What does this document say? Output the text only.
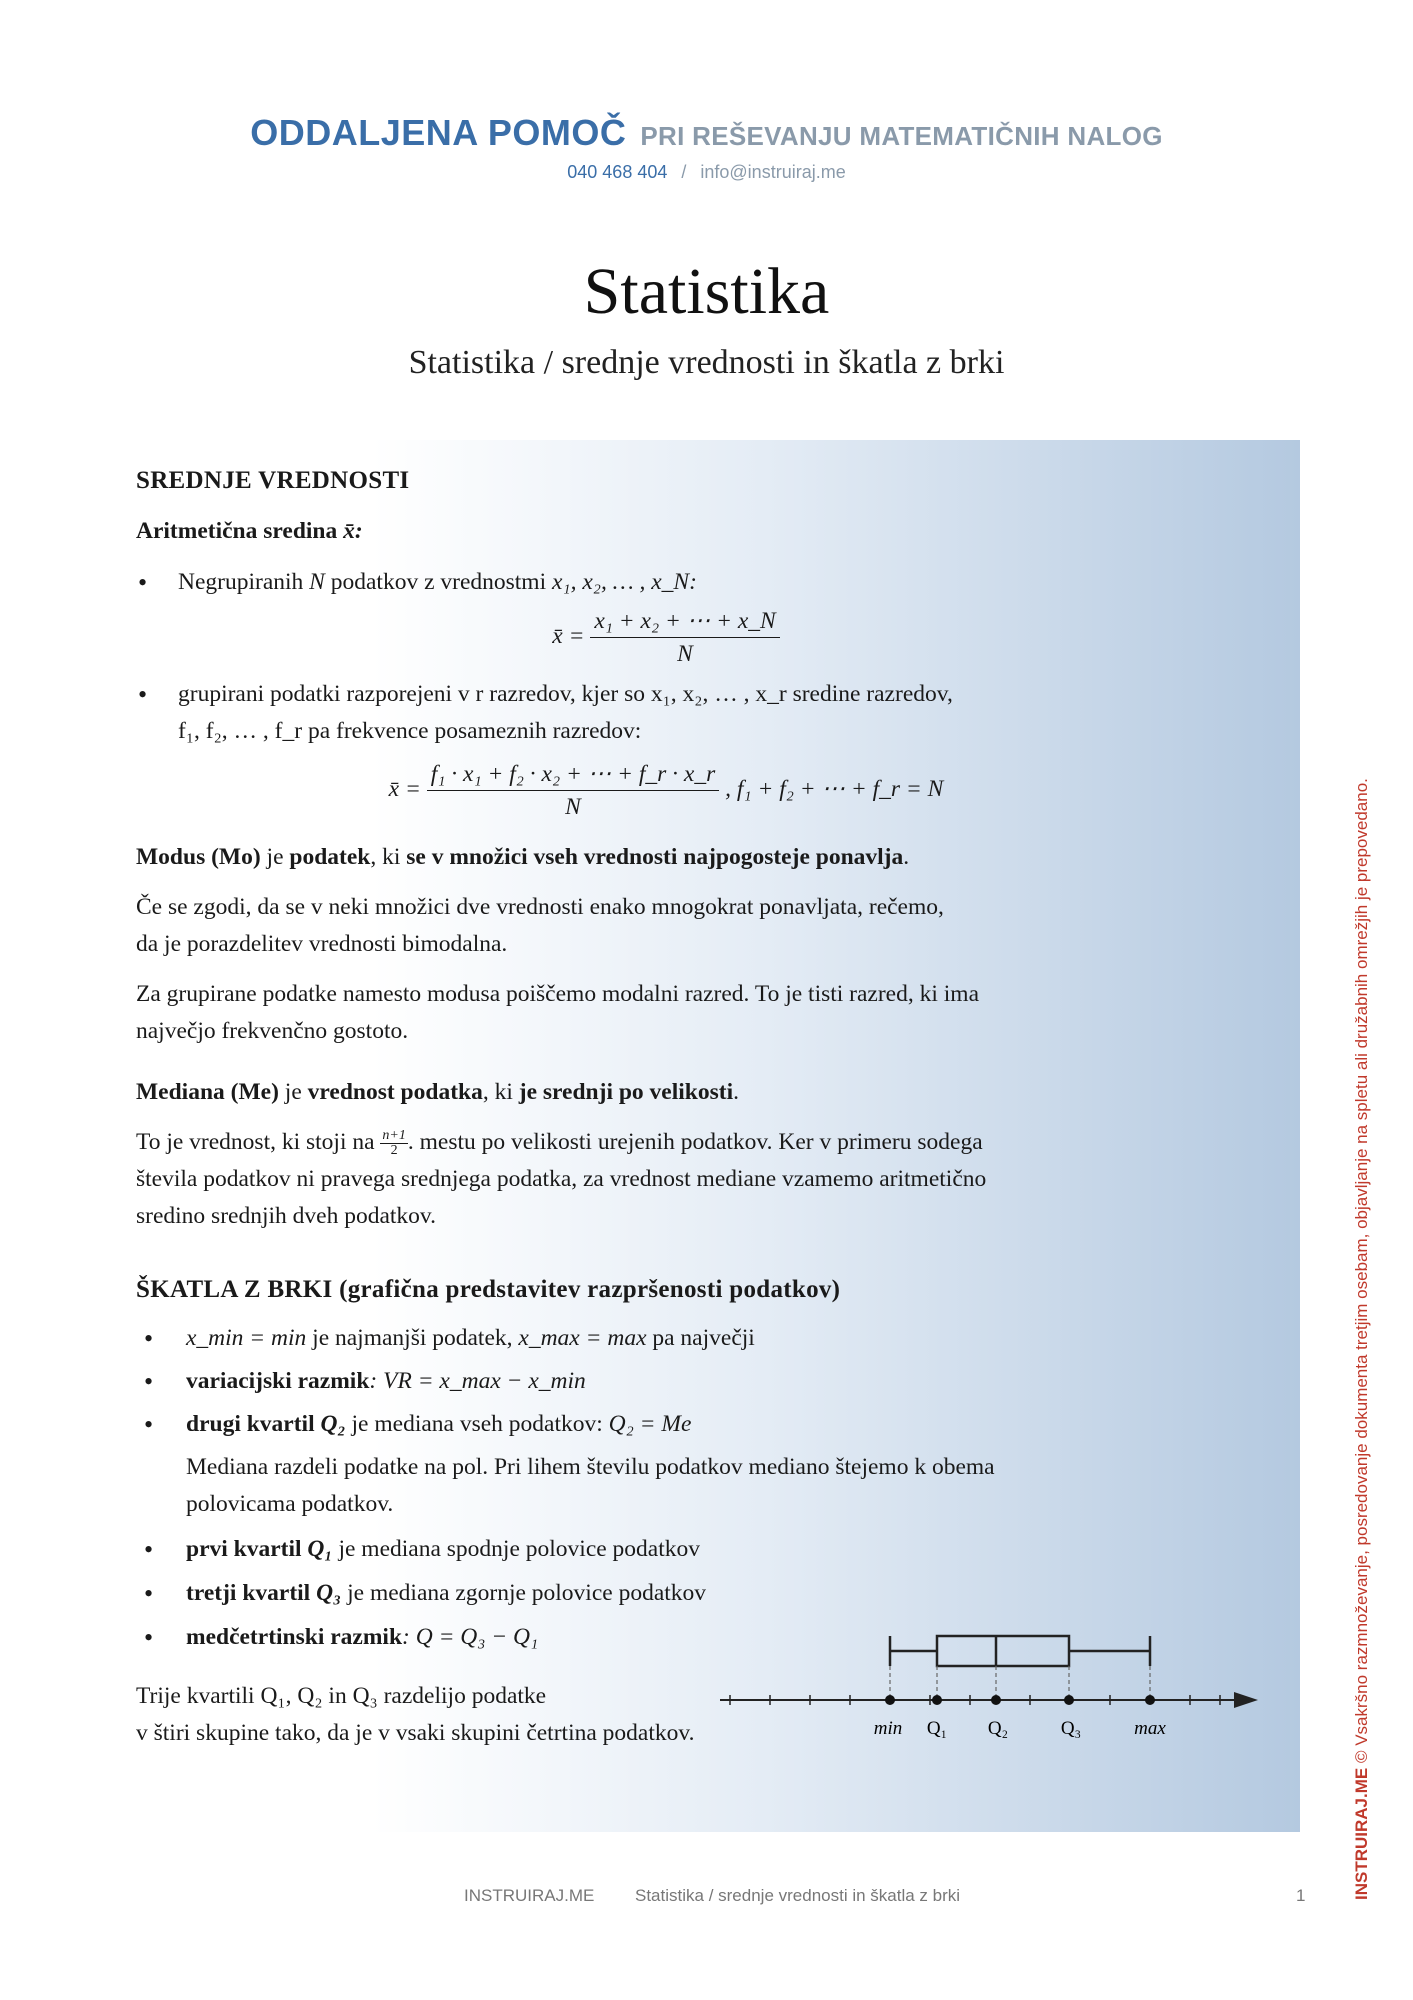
ODDALJENA POMOČ PRI REŠEVANJU MATEMATIČNIH NALOG
040 468 404 / info@instruiraj.me
Statistika
Statistika / srednje vrednosti in škatla z brki

SREDNJE VREDNOSTI

Aritmetična sredina x̄:

• Negrupiranih N podatkov z vrednostmi x₁, x₂, … , x_N:

x̄ = $\frac{\text{x₁ + x₂ + ⋯ + x\_N}}{N}$

• grupirani podatki razporejeni v r razredov, kjer so x₁, x₂, … , x_r sredine razredov,
f₁, f₂, … , f_r pa frekvence posameznih razredov:

x̄ = $\frac{\text{f₁ · x₁ + f₂ · x₂ + ⋯ + f\_r · x\_r}}{N}$ , f₁ + f₂ + ⋯ + f_r = N

Modus (Mo) je podatek, ki se v množici vseh vrednosti najpogosteje ponavlja.

Če se zgodi, da se v neki množici dve vrednosti enako mnogokrat ponavljata, rečemo,
da je porazdelitev vrednosti bimodalna.

Za grupirane podatke namesto modusa poiščemo modalni razred. To je tisti razred, ki ima
največjo frekvenčno gostoto.

Mediana (Me) je vrednost podatka, ki je srednji po velikosti.

To je vrednost, ki stoji na $\frac{n+1}{2}$ . mestu po velikosti urejenih podatkov. Ker v primeru sodega
števila podatkov ni pravega srednjega podatka, za vrednost mediane vzamemo aritmetično
sredino srednjih dveh podatkov.

ŠKATLA Z BRKI (grafična predstavitev razpršenosti podatkov)

• x_min = min je najmanjši podatek, x_max = max pa največji

• variacijski razmik: VR = x_max − x_min

• drugi kvartil Q₂ je mediana vseh podatkov: Q₂ = Me

Mediana razdeli podatke na pol. Pri lihem številu podatkov mediano štejemo k obema
polovicama podatkov.

• prvi kvartil Q₁ je mediana spodnje polovice podatkov

• tretji kvartil Q₃ je mediana zgornje polovice podatkov

• medčetrtinski razmik: Q = Q₃ − Q₁

Trije kvartili Q₁, Q₂ in Q₃ razdelijo podatke
v štiri skupine tako, da je v vsaki skupini četrtina podatkov.	min Q₁ Q₂	Q₃	max
INSTRUIRAJ.ME Statistika / srednje vrednosti in škatla z brki	1	INSTRUIRAJ.ME © Vsakršno razmnoževanje, posredovanje dokumenta tretjim osebam, objavljanje na spletu ali družabnih omrežjih je prepovedano.
